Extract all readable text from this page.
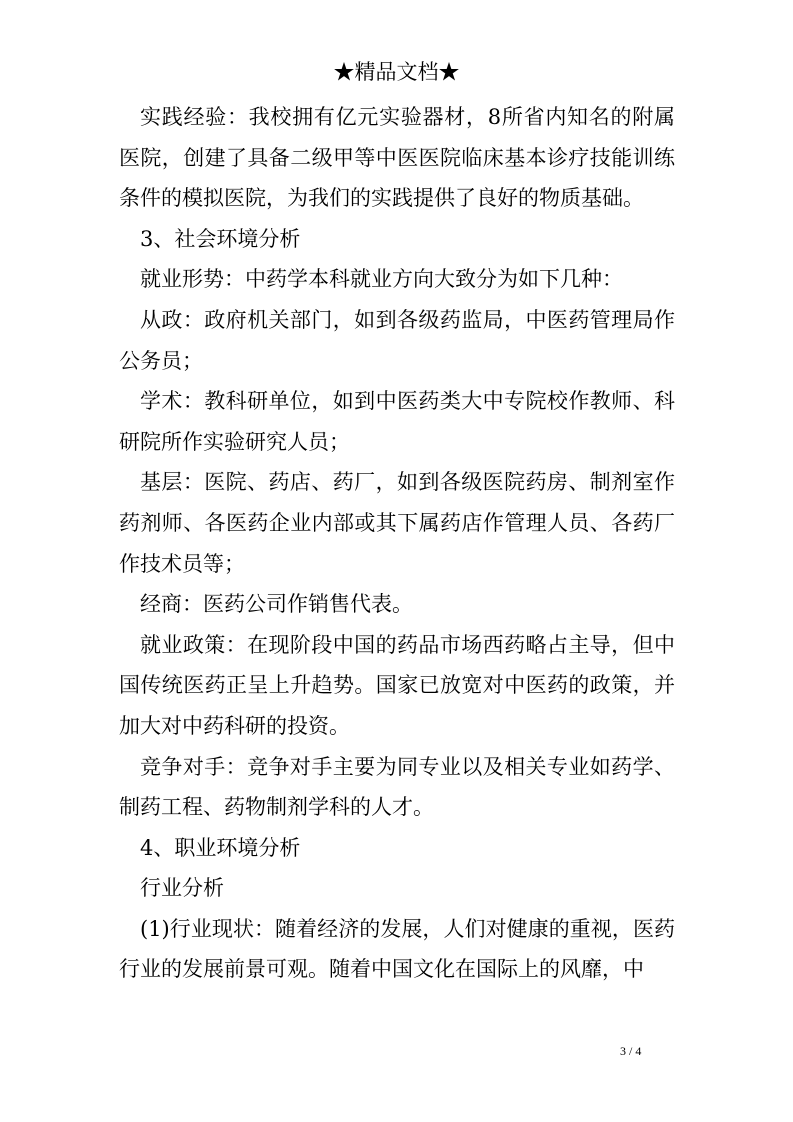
★精品文档★

实践经验：我校拥有亿元实验器材，8所省内知名的附属医院，创建了具备二级甲等中医医院临床基本诊疗技能训练条件的模拟医院，为我们的实践提供了良好的物质基础。

3、社会环境分析

就业形势：中药学本科就业方向大致分为如下几种：

从政：政府机关部门，如到各级药监局，中医药管理局作公务员；

学术：教科研单位，如到中医药类大中专院校作教师、科研院所作实验研究人员；

基层：医院、药店、药厂，如到各级医院药房、制剂室作药剂师、各医药企业内部或其下属药店作管理人员、各药厂作技术员等；

经商：医药公司作销售代表。

就业政策：在现阶段中国的药品市场西药略占主导，但中国传统医药正呈上升趋势。国家已放宽对中医药的政策，并加大对中药科研的投资。

竞争对手：竞争对手主要为同专业以及相关专业如药学、制药工程、药物制剂学科的人才。

4、职业环境分析

行业分析

(1)行业现状：随着经济的发展，人们对健康的重视，医药行业的发展前景可观。随着中国文化在国际上的风靡，中

3 / 4
